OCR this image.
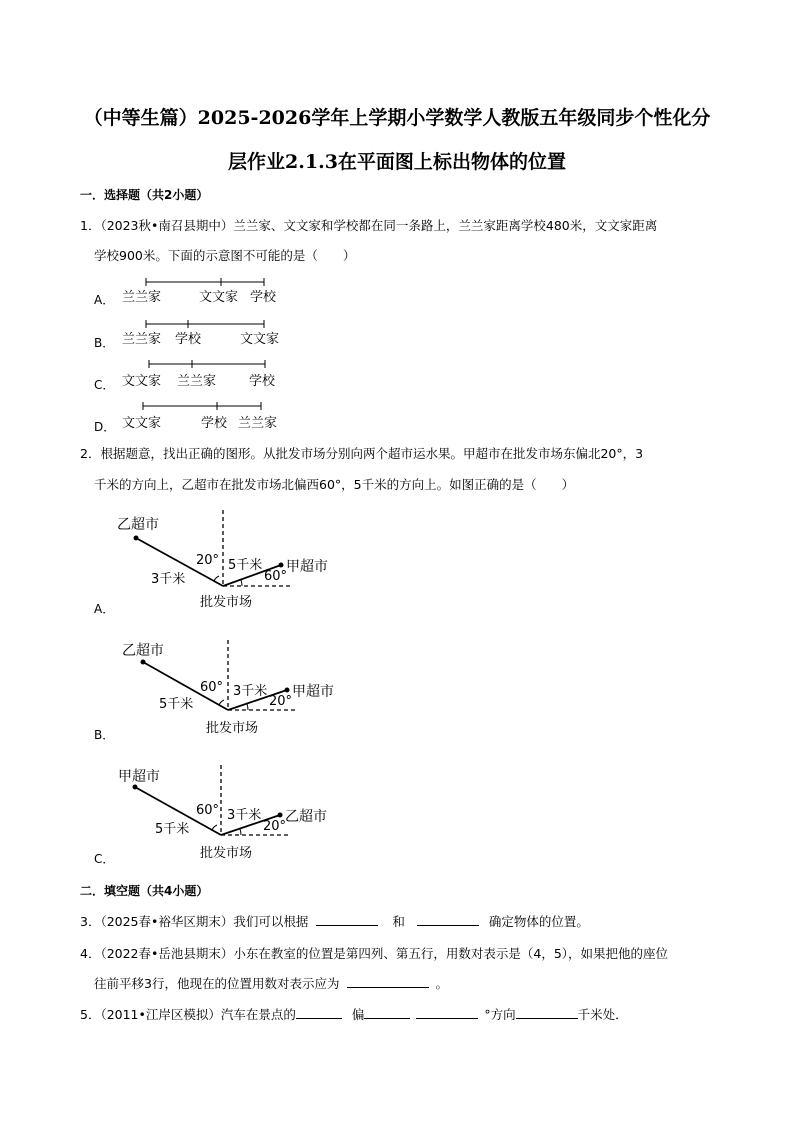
（中等生篇）2025-2026学年上学期小学数学人教版五年级同步个性化分
层作业2.1.3在平面图上标出物体的位置
一．选择题（共2小题）
1．（2023秋•南召县期中）兰兰家、文文家和学校都在同一条路上，兰兰家距离学校480米，文文家距离
学校900米。下面的示意图不可能的是（　　）
A． 兰兰家	文文家 学校
B． 兰兰家 学校	文文家
C． 文文家 兰兰家	学校
D． 文文家	学校 兰兰家
2．根据题意，找出正确的图形。从批发市场分别向两个超市运水果。甲超市在批发市场东偏北20°，3
千米的方向上，乙超市在批发市场北偏西60°，5千米的方向上。如图正确的是（　　）
A．
乙超市
甲超市
3千米
5千米
20°
60°
批发市场
B．
乙超市
甲超市
5千米
3千米
60°
20°
批发市场
C．
甲超市
乙超市
5千米
3千米
60°
20°
批发市场
二．填空题（共4小题）
3．（2025春•裕华区期末）我们可以根据	和	确定物体的位置。
4．（2022春•岳池县期末）小东在教室的位置是第四列、第五行，用数对表示是（4，5），如果把他的座位
往前平移3行，他现在的位置用数对表示应为	。
5．（2011•江岸区模拟）汽车在景点的	偏	°方向	千米处．
